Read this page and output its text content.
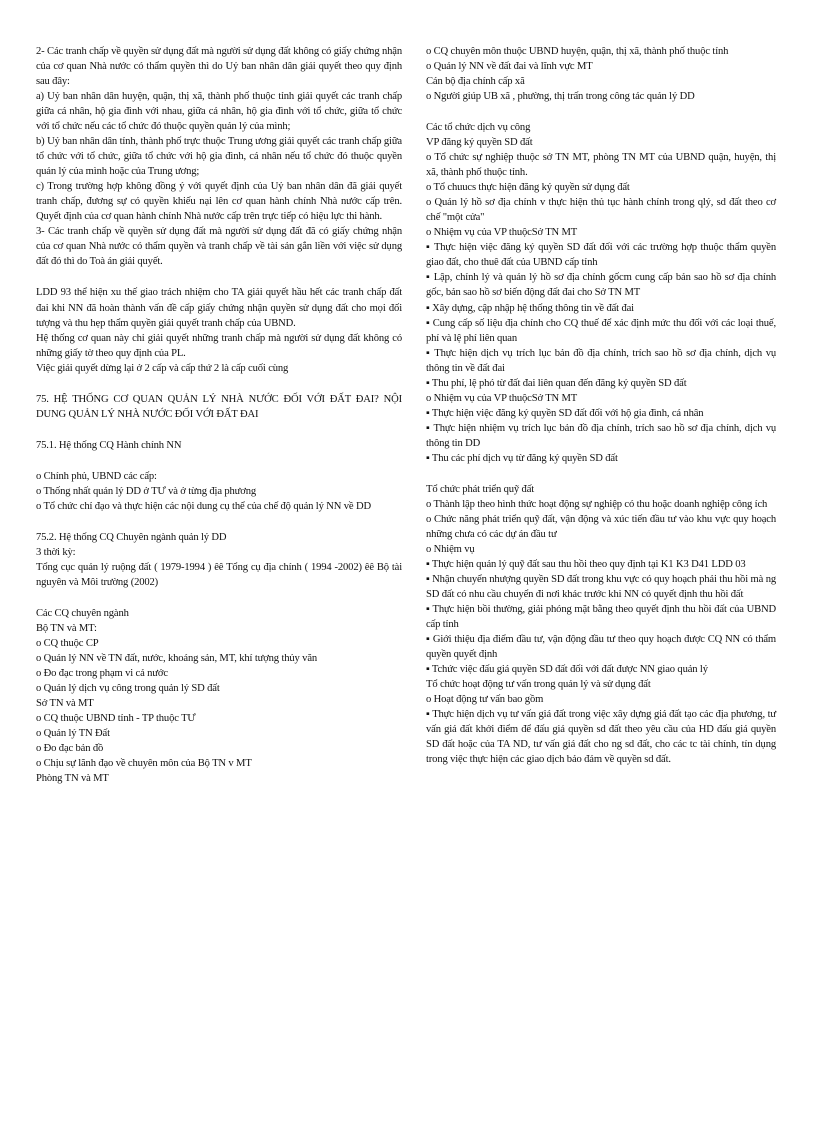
2- Các tranh chấp về quyền sử dụng đất mà người sử dụng đất không có giấy chứng nhận của cơ quan Nhà nước có thẩm quyền thì do Uỷ ban nhân dân giải quyết theo quy định sau đây:

a) Uỷ ban nhân dân huyện, quận, thị xã, thành phố thuộc tỉnh giải quyết các tranh chấp giữa cá nhân, hộ gia đình với nhau, giữa cá nhân, hộ gia đình với tổ chức, giữa tổ chức với tổ chức nếu các tổ chức đó thuộc quyền quản lý của mình;

b) Uỷ ban nhân dân tỉnh, thành phố trực thuộc Trung ương giải quyết các tranh chấp giữa tổ chức với tổ chức, giữa tổ chức với hộ gia đình, cá nhân nếu tổ chức đó thuộc quyền quản lý của mình hoặc của Trung ương;

c) Trong trường hợp không đồng ý với quyết định của Uỷ ban nhân dân đã giải quyết tranh chấp, đương sự có quyền khiếu nại lên cơ quan hành chính Nhà nước cấp trên. Quyết định của cơ quan hành chính Nhà nước cấp trên trực tiếp có hiệu lực thi hành.

3- Các tranh chấp về quyền sử dụng đất mà người sử dụng đất đã có giấy chứng nhận của cơ quan Nhà nước có thẩm quyền và tranh chấp về tài sản gắn liền với việc sử dụng đất đó thì do Toà án giải quyết.

LDD 93 thể hiện xu thế giao trách nhiệm cho TA giải quyết hầu hết các tranh chấp đất đai khi NN đã hoàn thành vấn đề cấp giấy chứng nhận quyền sử dụng đất cho mọi đối tượng và thu hẹp thẩm quyền giải quyết tranh chấp của UBND.

Hệ thống cơ quan này chỉ giải quyết những tranh chấp mà người sử dụng đất không có những giấy tờ theo quy định của PL.

Việc giải quyết dừng lại ở 2 cấp và cấp thứ 2 là cấp cuối cùng

75. HỆ THỐNG CƠ QUAN QUẢN LÝ NHÀ NƯỚC ĐỐI VỚI ĐẤT ĐAI? NỘI DUNG QUẢN LÝ NHÀ NƯỚC ĐỐI VỚI ĐẤT ĐAI

75.1. Hệ thống CQ Hành chính NN

o Chính phủ, UBND các cấp:

o Thống nhất quản lý DD ở TƯ và ở từng địa phương

o Tổ chức chỉ đạo và thực hiện các nội dung cụ thể của chế độ quản lý NN về DD

75.2. Hệ thống CQ Chuyên ngành quản lý DD

3 thời kỳ:

Tổng cục quản lý ruộng đất ( 1979-1994 ) êê Tổng cụ địa chính ( 1994 -2002) êê Bộ tài nguyên và Môi trường (2002)

Các CQ chuyên ngành

Bộ TN và MT:

o CQ thuộc CP

o Quản lý NN về TN đất, nước, khoáng sản, MT, khí tượng thủy văn

o Đo đạc trong phạm vi cả nước

o Quản lý dịch vụ công trong quản lý SD đất

Sở TN và MT

o CQ thuộc UBND tỉnh - TP thuộc TƯ

o Quản lý TN Đất

o Đo đạc bản đồ

o Chịu sự lãnh đạo về chuyên môn của Bộ TN v MT

Phòng TN và MT

o CQ chuyên môn thuộc UBND huyện, quận, thị xã, thành phố thuộc tỉnh

o Quản lý NN về đất đai và lĩnh vực MT

Cán bộ địa chính cấp xã

o Người giúp UB xã , phường, thị trấn trong công tác quản lý DD

Các tổ chức dịch vụ công

VP đăng ký quyền SD đất

o Tổ chức sự nghiệp thuộc sở TN MT, phòng TN MT của UBND quận, huyện, thị xã, thành phố thuộc tỉnh.

o Tổ chuucs thực hiện đăng ký quyền sử dụng đất

o Quản lý hồ sơ địa chính v thực hiện thủ tục hành chính trong qlý, sd đất theo cơ chế "một cửa"

o Nhiệm vụ của VP thuộcSở TN MT

▪ Thực hiện việc đăng ký quyền SD đất đối với các trường hợp thuộc thẩm quyền giao đất, cho thuê đất của UBND cấp tỉnh

▪ Lập, chỉnh lý và quản lý hồ sơ địa chính gốcm cung cấp bản sao hồ sơ địa chính gốc, bản sao hồ sơ biến động đất đai cho Sở TN MT

▪ Xây dựng, cập nhập hệ thống thông tin về đất đai

▪ Cung cấp số liệu địa chính cho CQ thuế để xác định mức thu đối với các loại thuế, phí và lệ phí liên quan

▪ Thực hiện dịch vụ trích lục bản đồ địa chính, trích sao hồ sơ địa chính, dịch vụ thông tin về đất đai

▪ Thu phí, lệ phó từ đất đai liên quan đến đăng ký quyền SD đất

o Nhiệm vụ của VP thuộcSở TN MT

▪ Thực hiện việc đăng ký quyền SD đất đối với hộ gia đình, cá nhân

▪ Thực hiện nhiệm vụ trích lục bản đồ địa chính, trích sao hồ sơ địa chính, dịch vụ thông tin DD

▪ Thu các phí dịch vụ từ đăng ký quyền SD đất

Tổ chức phát triển quỹ đất

o Thành lập theo hình thức hoạt động sự nghiệp có thu hoặc doanh nghiệp công ích

o Chức năng phát triển quỹ đất, vận động và xúc tiến đầu tư vào khu vực quy hoạch những chưa có các dự án đầu tư

o Nhiệm vụ

▪ Thực hiện quản lý quỹ đất sau thu hồi theo quy định tại K1 K3 D41 LDD 03

▪ Nhận chuyển nhượng quyền SD đất trong khu vực có quy hoạch phải thu hồi mà ng SD đất có nhu cầu chuyển đi nơi khác trước khi NN có quyết định thu hồi đất

▪ Thực hiện bồi thường, giải phóng mặt bằng theo quyết định thu hồi đất của UBND cấp tỉnh

▪ Giới thiệu địa điểm đầu tư, vận động đầu tư theo quy hoạch được CQ NN có thẩm quyền quyết định

▪ Tchức việc đấu giá quyền SD đất đối với đất được NN giao quản lý

Tổ chức hoạt động tư vấn trong quản lý và sử dụng đất

o Hoạt động tư vấn bao gồm

▪ Thực hiện dịch vụ tư vấn giá đất trong việc xây dựng giá đất tạo các địa phương, tư vấn giá đất khởi điểm để đấu giá quyền sd đất theo yêu cầu của HD đấu giá quyền SD đất hoặc của TA ND, tư vấn giá đất cho ng sd đất, cho các tc tài chính, tín dụng trong việc thực hiện các giao dịch bảo đảm về quyền sd đất.
